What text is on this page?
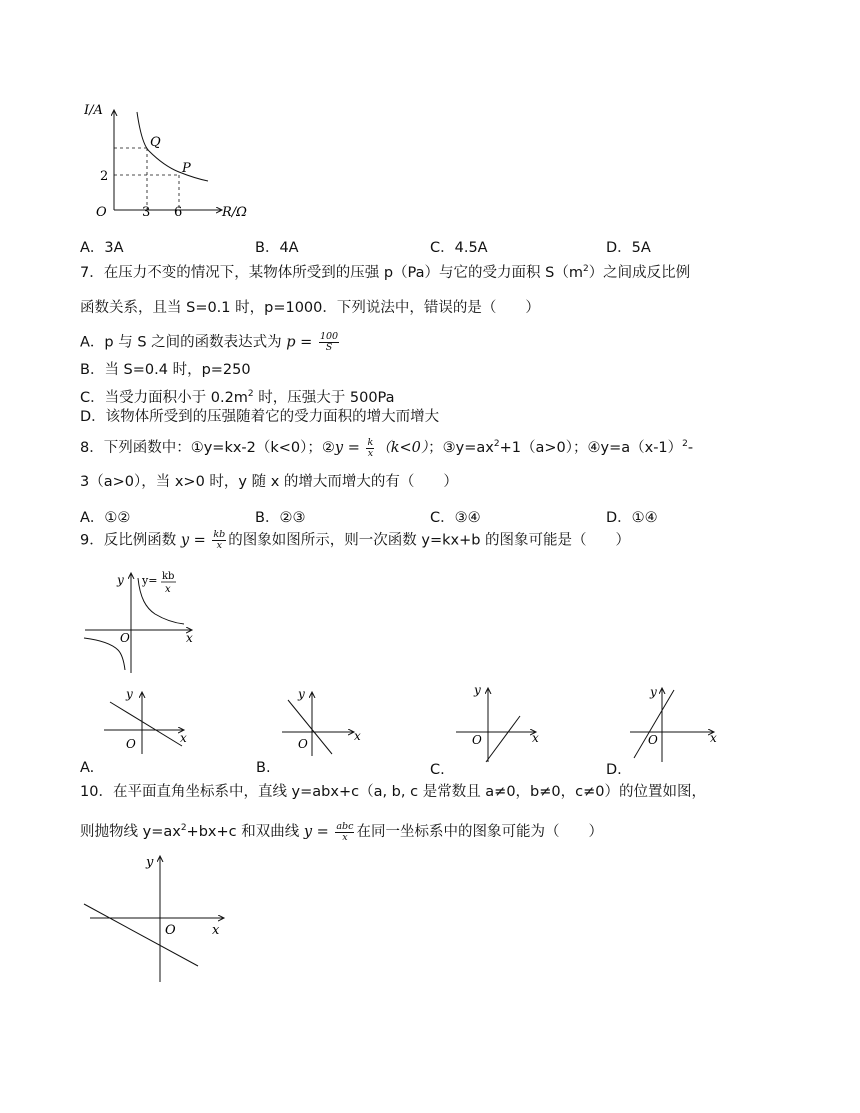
I/A
R/Ω
O
Q
P
3 6
2
A．3A	B．4A	C．4.5A	D．5A
7．在压力不变的情况下，某物体所受到的压强 p（Pa）与它的受力面积 $S(m^2)$之间成反比例
函数关系，且当 S=0.1 时，p=1000．下列说法中，错误的是（　　）
A．p 与 S 之间的函数表达式为 $p = \frac{100}{S}$
B．当 S=0.4 时，p=250
C．当受力面积小于 $0.2m^2$ 时，压强大于 500Pa
D．该物体所受到的压强随着它的受力面积的增大而增大
8．下列函数中：①y=kx-2（k<0）；②y = $\frac{k}{x} (k<0)$；$③y=ax^2+1(a>0)$；$④y=a(x-1)^2-$
3（a>0），当 x>0 时，y 随 x 的增大而增大的有（　　）
A．①②	B．②③	C．③④	D．①④
9．反比例函数 $y = \frac{kb}{x}$ 的图象如图所示，则一次函数 y=kx+b 的图象可能是（　　）
y
x
O
y= kb
x
y
x
O
A.
y
x
O
B.
y
x
O
C.
y
x
O
D.
10．在平面直角坐标系中，直线 y=abx+c（a, b, c 是常数且 a≠0，b≠0，c≠0）的位置如图，
则抛物线 $y=ax^2+bx+c$ 和双曲线 $y = \frac{\text{abc}}{x}$ 在同一坐标系中的图象可能为（　　）
y
x
O
